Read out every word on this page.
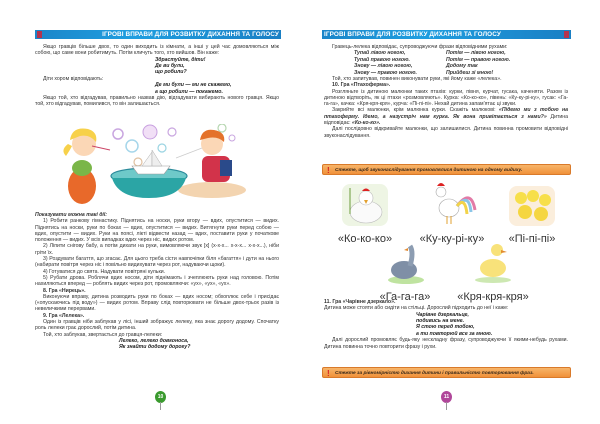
ІГРОВІ ВПРАВИ ДЛЯ РОЗВИТКУ ДИХАННЯ ТА ГОЛОСУ

Якщо гравців більше двох, то один виходить із кімнати, а інші у цей час домовляються між собою, що саме вони робитимуть. Потім кличуть того, хто вийшов. Він каже:

Здрастуйте, діти!
Де ви були,
що робили?

Діти хором відповідають:

Де ми були — ми не скажемо,
а що робили — покажемо.

Якщо той, хто відгадував, правильно назвав дію, відгадувати вибирають нового гравця. Якщо той, хто відгадував, помилився, то він залишається.

Показувати можна такі дії:

1) Робити ранкову гімнастику. Піднятись на носки, руки вгору — вдих, опуститися — видих. Піднятись на носки, руки по боках — вдих, опуститися — видих. Витягнути руки перед собою — вдих, опустити — видих. Руки на поясі, лікті відвести назад — вдих, поставити руки у початкове положення — видих. У всіх випадках вдих через ніс, видих ротом.

2) Ліпити снігову бабу, а потім дихати на руки, вимовляючи звук [х] (х-х-х... х-х-х... х-х-х...), ніби гріти їх.

3) Роздувати багаття, що згасає. Для цього треба сісти навпочіпки біля «багаття» і дути на нього (набирати повітря через ніс і повільно видихувати через рот, надуваючи щоки).

4) Готуватися до свята. Надувати повітряні кульки.

5) Рубати дрова. Роблячи вдих носом, діти піднімають і зчеплюють руки над головою. Потім нахиляються вперед — роблять видих через рот, промовляючи: «ух», «ух», «ух».

8. Гра «Нирець».

Виконуючи вправу, дитина розводить руки по боках — вдих носом; обхоплює себе і присідає («опускаючись під воду») — видих ротом. Вправу слід повторювати не більше двох-трьох разів із невеличкими перервами.

9. Гра «Лелека».

Один із гравців ніби заблукав у лісі, інший зображує лелеку, яка знає дорогу додому. Спочатку роль лелеки грає дорослий, потім дитина.

Той, хто заблукав, звертається до гравця-лелеки:

Лелеко, лелеко довгоноса,
Як знайти додому дорогу?
10
ІГРОВІ ВПРАВИ ДЛЯ РОЗВИТКУ ДИХАННЯ ТА ГОЛОСУ

Гравець-лелека відповідає, супроводжуючи фрази відповідними рухами:

Тупай лівою ногою,
Тупай правою ногою.
Знову — лівою ногою,
Знову — правою ногою.
Потім — лівою ногою,
Потім — правою ногою.
Додому так
Прийдеш зі мною!

Той, хто запитував, повинен виконувати руки, які йому каже «лелека».

10. Гра «Птахоферма».

Розгляньте із дитиною малюнки таких птахів: курки, півня, курчат, гусака, каченяти. Разом із дитиною відтворіть, як ці птахи «розмовляють». Курка: «Ко-ко-ко», півень: «Ку-ку-рі-ку», гусак: «Га-га-га», качка: «Кря-кря-кря», курча: «Пі-пі-пі». Нехай дитина запам'ятає ці звуки.

Закрийте всі малюнки, крім малюнка курки. Скажіть малюкові: «Підемо ми з тобою на птахоферму. Ідемо, а назустріч нам курка. Як вона привітається з нами?» Дитина відповідає: «Ко-ко-ко».

Далі послідовно відкривайте малюнки, що залишилися. Дитина повинна промовити відповідні звуконаслідування.

! Стежте, щоб звуконаслідування промовлялися дитиною на одному видиху.
«Ко-ко-ко»	«Ку-ку-рі-ку»	«Пі-пі-пі»
«Га-га-га»	«Кря-кря-кря»

11. Гра «Чарівне дзеркало».

Дитина може стояти або сидіти на стільці. Дорослий підходить до неї і каже:

Чарівне дзеркальце,
подивись на мене.
Я стою перед тобою,
а ти повторюй все за мною.

Далі дорослий промовляє будь-яку нескладну фразу, супроводжуючи її якими-небудь рухами. Дитина повинна точно повторити фразу і рухи.

! Стежте за рівномірністю дихання дитини і правильністю повторювання фраз.
11
